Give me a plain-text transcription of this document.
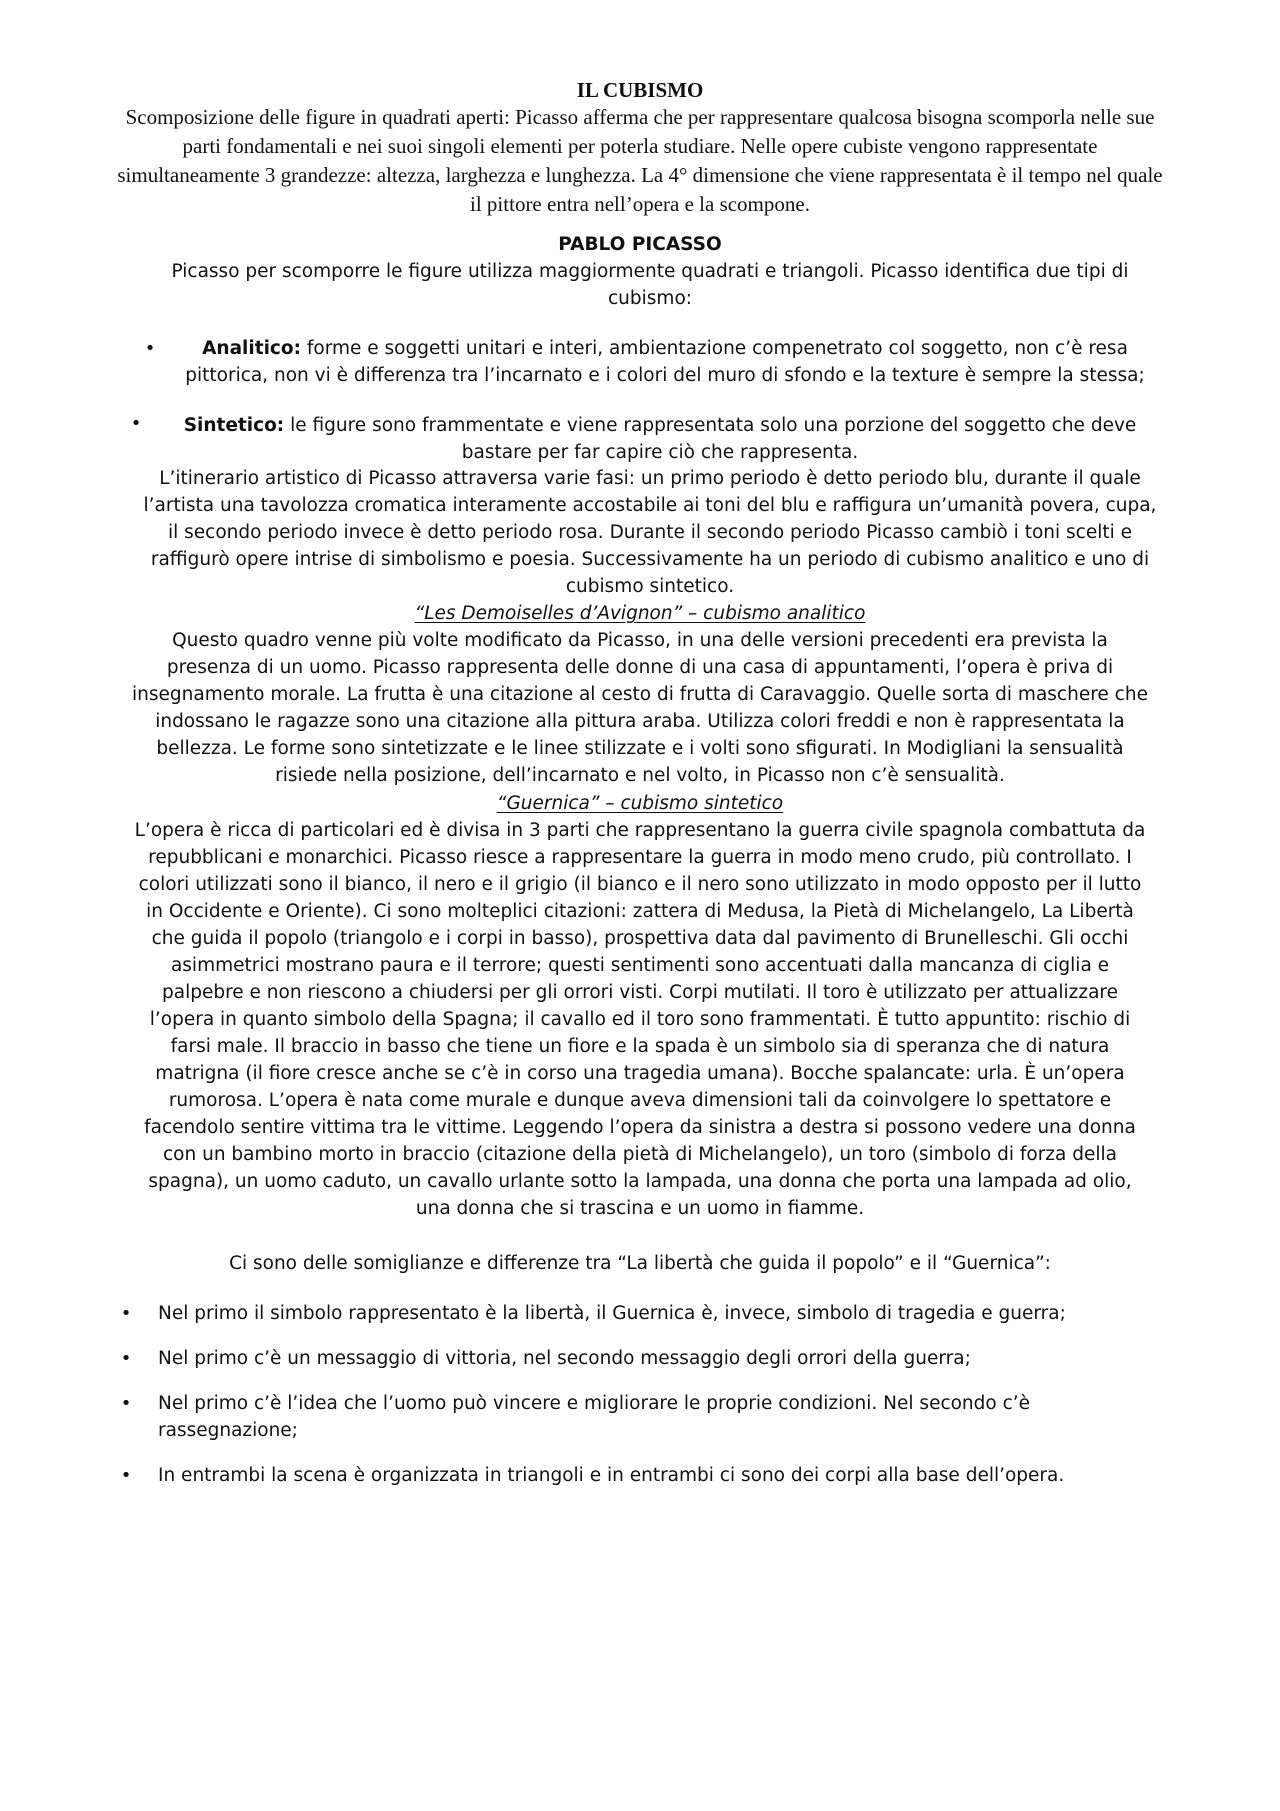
IL CUBISMO
Scomposizione delle figure in quadrati aperti: Picasso afferma che per rappresentare qualcosa bisogna scomporla nelle sue parti fondamentali e nei suoi singoli elementi per poterla studiare. Nelle opere cubiste vengono rappresentate simultaneamente 3 grandezze: altezza, larghezza e lunghezza. La 4° dimensione che viene rappresentata è il tempo nel quale il pittore entra nell’opera e la scompone.
PABLO PICASSO
Picasso per scomporre le figure utilizza maggiormente quadrati e triangoli. Picasso identifica due tipi di cubismo:
•	Analitico: forme e soggetti unitari e interi, ambientazione compenetrato col soggetto, non c’è resa pittorica, non vi è differenza tra l’incarnato e i colori del muro di sfondo e la texture è sempre la stessa;
•	Sintetico: le figure sono frammentate e viene rappresentata solo una porzione del soggetto che deve bastare per far capire ciò che rappresenta.
L’itinerario artistico di Picasso attraversa varie fasi: un primo periodo è detto periodo blu, durante il quale l’artista una tavolozza cromatica interamente accostabile ai toni del blu e raffigura un’umanità povera, cupa, il secondo periodo invece è detto periodo rosa. Durante il secondo periodo Picasso cambiò i toni scelti e raffigurò opere intrise di simbolismo e poesia. Successivamente ha un periodo di cubismo analitico e uno di cubismo sintetico.
“Les Demoiselles d’Avignon” – cubismo analitico
Questo quadro venne più volte modificato da Picasso, in una delle versioni precedenti era prevista la presenza di un uomo. Picasso rappresenta delle donne di una casa di appuntamenti, l’opera è priva di insegnamento morale. La frutta è una citazione al cesto di frutta di Caravaggio. Quelle sorta di maschere che indossano le ragazze sono una citazione alla pittura araba. Utilizza colori freddi e non è rappresentata la bellezza. Le forme sono sintetizzate e le linee stilizzate e i volti sono sfigurati. In Modigliani la sensualità risiede nella posizione, dell’incarnato e nel volto, in Picasso non c’è sensualità.
“Guernica” – cubismo sintetico
L’opera è ricca di particolari ed è divisa in 3 parti che rappresentano la guerra civile spagnola combattuta da repubblicani e monarchici. Picasso riesce a rappresentare la guerra in modo meno crudo, più controllato. I colori utilizzati sono il bianco, il nero e il grigio (il bianco e il nero sono utilizzato in modo opposto per il lutto in Occidente e Oriente). Ci sono molteplici citazioni: zattera di Medusa, la Pietà di Michelangelo, La Libertà che guida il popolo (triangolo e i corpi in basso), prospettiva data dal pavimento di Brunelleschi. Gli occhi asimmetrici mostrano paura e il terrore; questi sentimenti sono accentuati dalla mancanza di ciglia e palpebre e non riescono a chiudersi per gli orrori visti. Corpi mutilati. Il toro è utilizzato per attualizzare l’opera in quanto simbolo della Spagna; il cavallo ed il toro sono frammentati. È tutto appuntito: rischio di farsi male. Il braccio in basso che tiene un fiore e la spada è un simbolo sia di speranza che di natura matrigna (il fiore cresce anche se c’è in corso una tragedia umana). Bocche spalancate: urla. È un’opera rumorosa. L’opera è nata come murale e dunque aveva dimensioni tali da coinvolgere lo spettatore e facendolo sentire vittima tra le vittime. Leggendo l’opera da sinistra a destra si possono vedere una donna con un bambino morto in braccio (citazione della pietà di Michelangelo), un toro (simbolo di forza della spagna), un uomo caduto, un cavallo urlante sotto la lampada, una donna che porta una lampada ad olio, una donna che si trascina e un uomo in fiamme.
Ci sono delle somiglianze e differenze tra “La libertà che guida il popolo” e il “Guernica”:
• Nel primo il simbolo rappresentato è la libertà, il Guernica è, invece, simbolo di tragedia e guerra;
• Nel primo c’è un messaggio di vittoria, nel secondo messaggio degli orrori della guerra;
• Nel primo c’è l’idea che l’uomo può vincere e migliorare le proprie condizioni. Nel secondo c’è rassegnazione;
• In entrambi la scena è organizzata in triangoli e in entrambi ci sono dei corpi alla base dell’opera.
